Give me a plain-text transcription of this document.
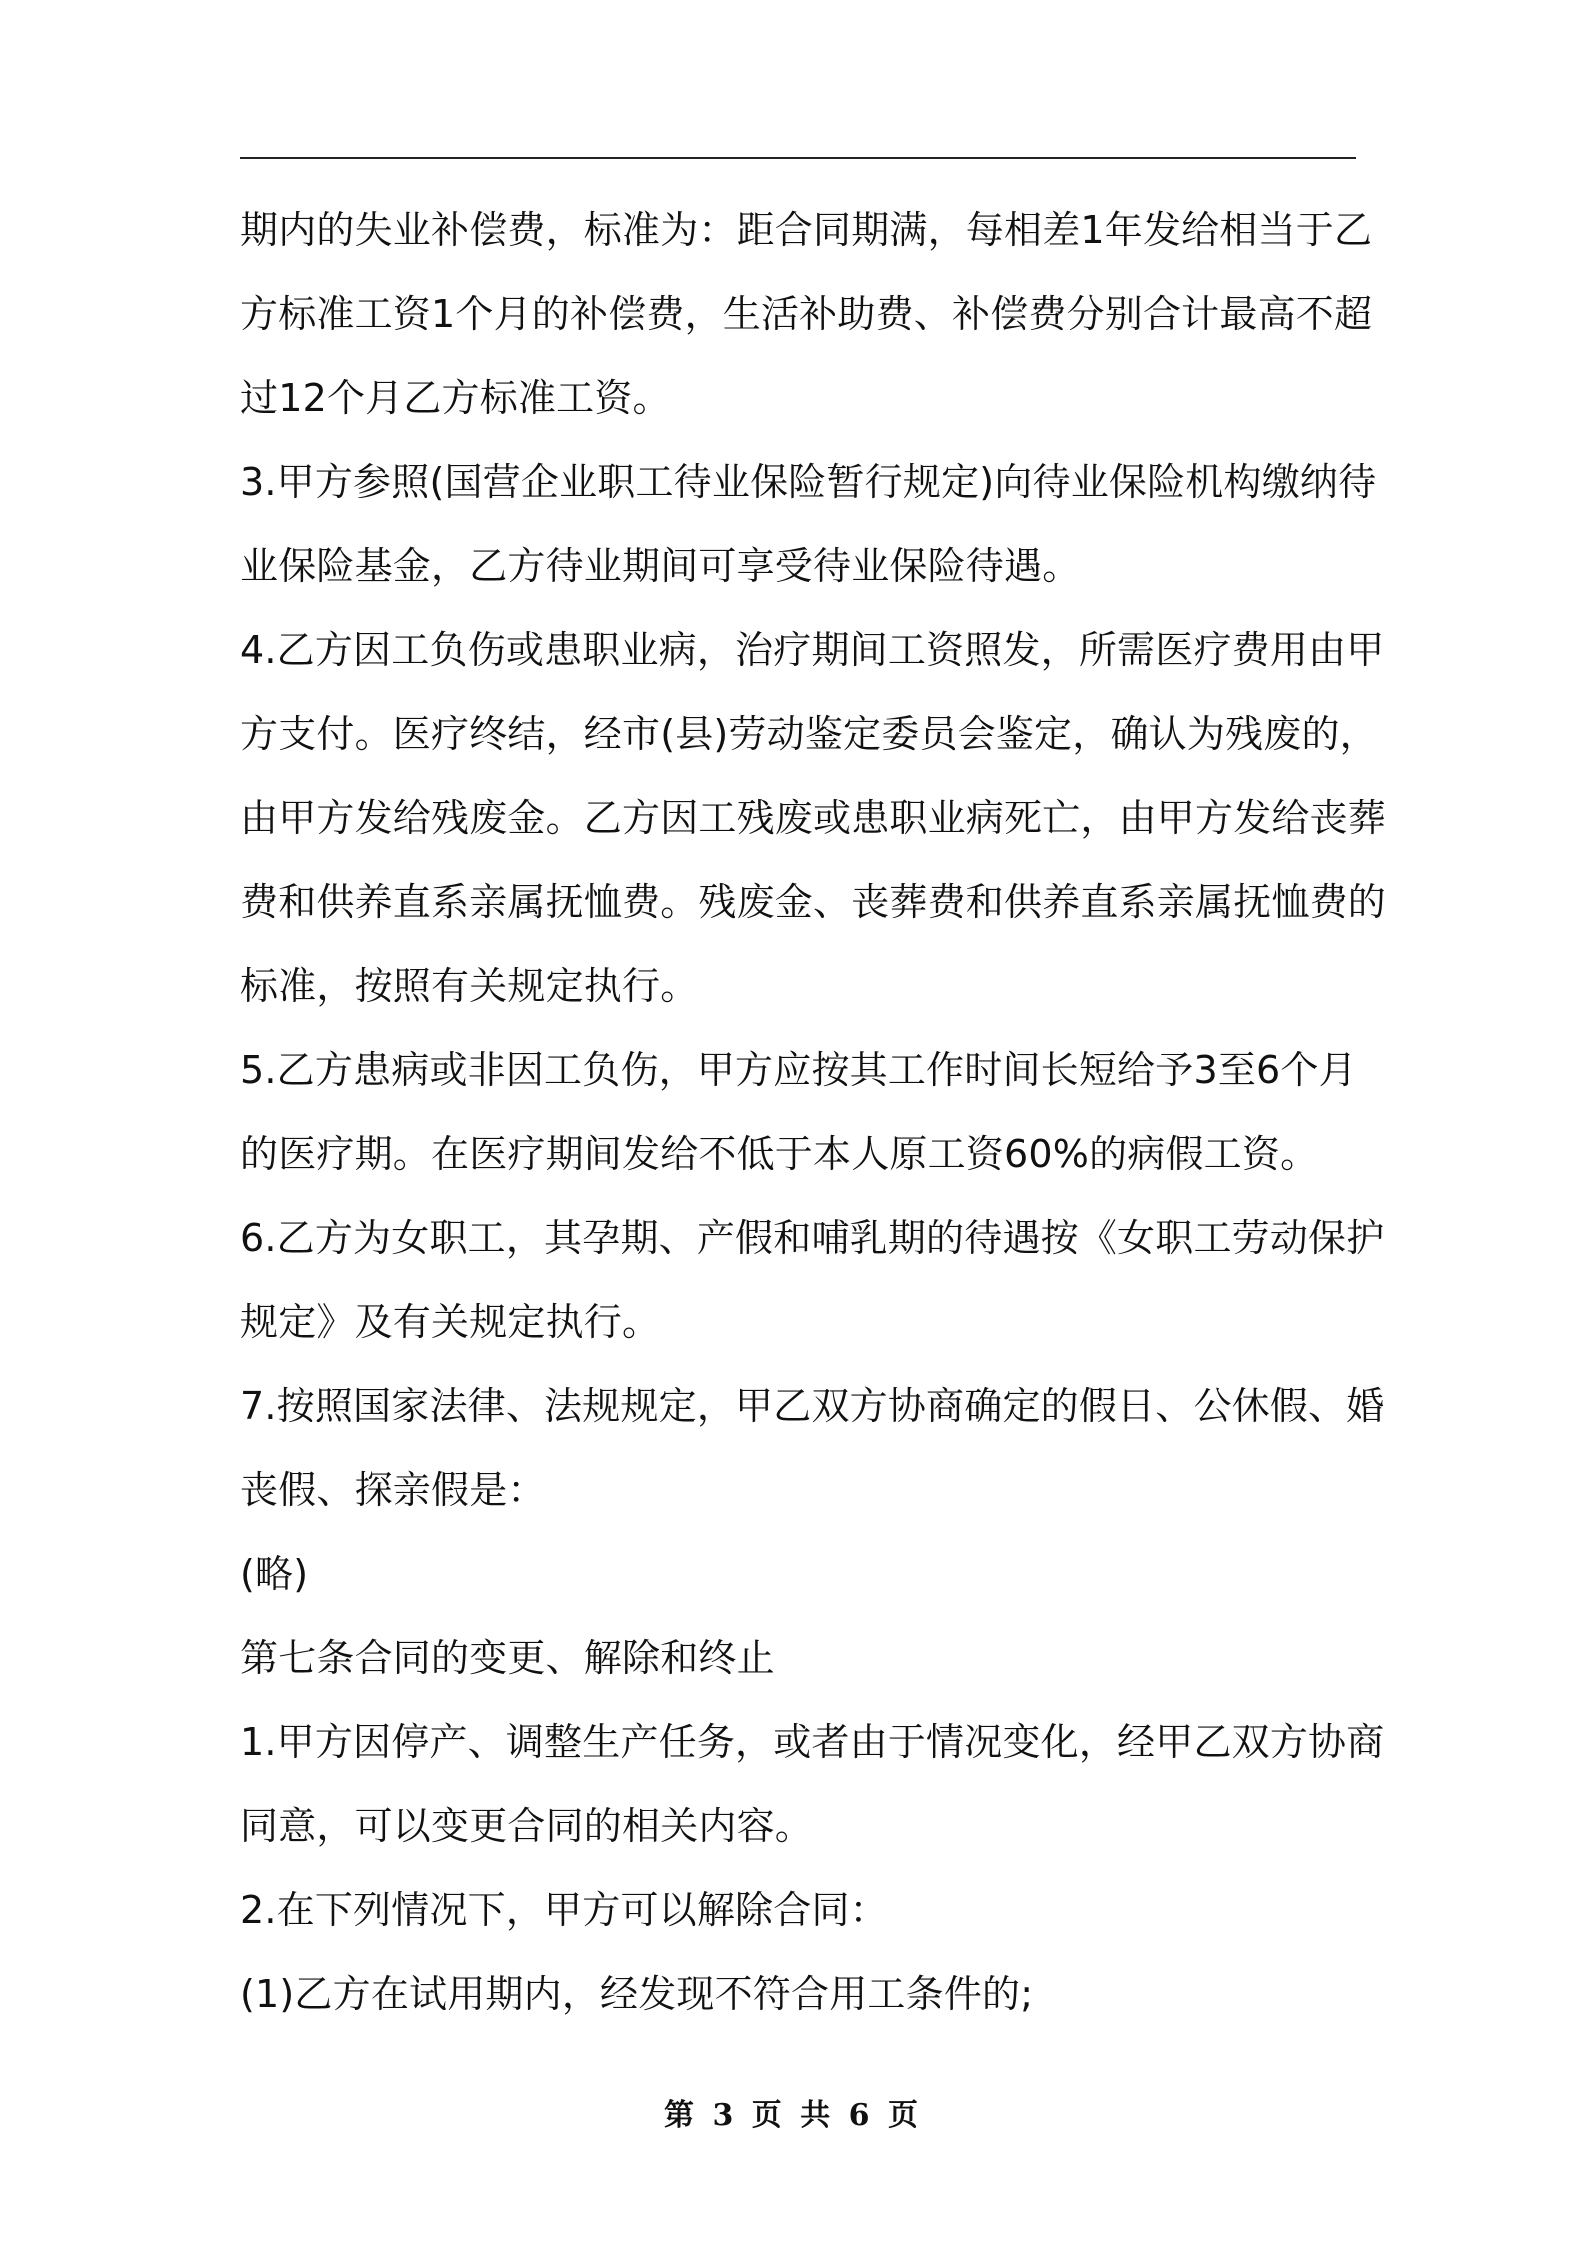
期内的失业补偿费，标准为：距合同期满，每相差1年发给相当于乙
方标准工资1个月的补偿费，生活补助费、补偿费分别合计最高不超
过12个月乙方标准工资。
3.甲方参照(国营企业职工待业保险暂行规定)向待业保险机构缴纳待
业保险基金，乙方待业期间可享受待业保险待遇。
4.乙方因工负伤或患职业病，治疗期间工资照发，所需医疗费用由甲
方支付。医疗终结，经市(县)劳动鉴定委员会鉴定，确认为残废的，
由甲方发给残废金。乙方因工残废或患职业病死亡，由甲方发给丧葬
费和供养直系亲属抚恤费。残废金、丧葬费和供养直系亲属抚恤费的
标准，按照有关规定执行。
5.乙方患病或非因工负伤，甲方应按其工作时间长短给予3至6个月
的医疗期。在医疗期间发给不低于本人原工资60%的病假工资。
6.乙方为女职工，其孕期、产假和哺乳期的待遇按《女职工劳动保护
规定》及有关规定执行。
7.按照国家法律、法规规定，甲乙双方协商确定的假日、公休假、婚
丧假、探亲假是：
(略)
第七条合同的变更、解除和终止
1.甲方因停产、调整生产任务，或者由于情况变化，经甲乙双方协商
同意，可以变更合同的相关内容。
2.在下列情况下，甲方可以解除合同：
(1)乙方在试用期内，经发现不符合用工条件的;
第 3 页 共 6 页
